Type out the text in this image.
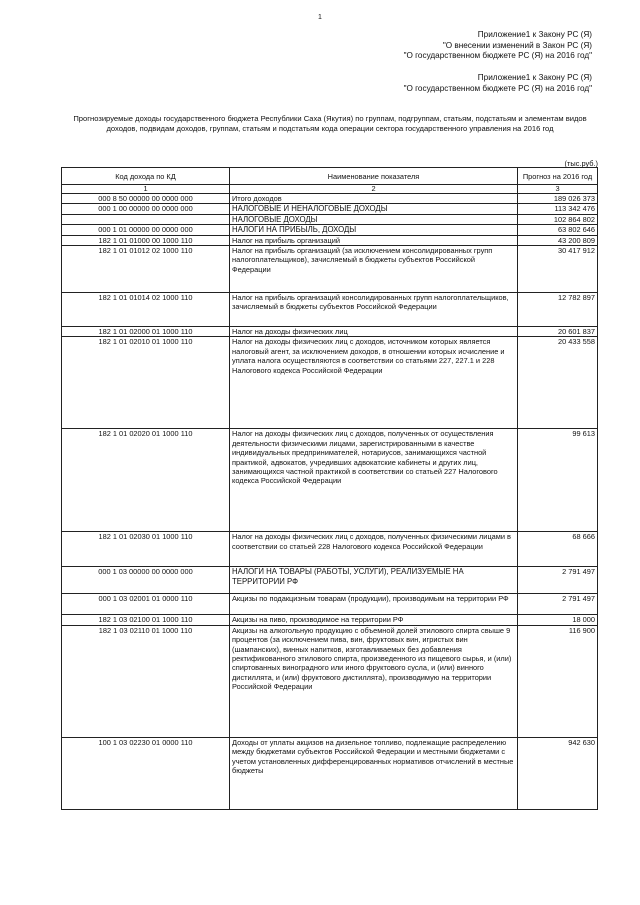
1
Приложение1 к Закону РС (Я)
"О внесении изменений в Закон РС (Я)
"О государственном бюджете РС (Я) на 2016 год"
Приложение1 к Закону РС (Я)
"О государственном бюджете РС (Я) на 2016 год"
Прогнозируемые доходы государственного бюджета Республики Саха (Якутия) по группам, подгруппам, статьям, подстатьям и элементам видов доходов, подвидам доходов, группам, статьям и подстатьям кода операции сектора государственного управления на 2016 год
(тыс.руб.)
Код дохода по КД	Наименование показателя	Прогноз на 2016 год
1	2	3
000 8 50 00000 00 0000 000	Итого доходов	189 026 373
000 1 00 00000 00 0000 000	НАЛОГОВЫЕ И НЕНАЛОГОВЫЕ ДОХОДЫ	113 342 476
	НАЛОГОВЫЕ ДОХОДЫ	102 864 802
000 1 01 00000 00 0000 000	НАЛОГИ НА ПРИБЫЛЬ, ДОХОДЫ	63 802 646
182 1 01 01000 00 1000 110	Налог на прибыль организаций	43 200 809
182 1 01 01012 02 1000 110	Налог на прибыль организаций (за исключением консолидированных групп налогоплательщиков), зачисляемый в бюджеты субъектов Российской Федерации	30 417 912
182 1 01 01014 02 1000 110	Налог на прибыль организаций консолидированных групп налогоплательщиков, зачисляемый в бюджеты субъектов Российской Федерации	12 782 897
182 1 01 02000 01 1000 110	Налог на доходы физических лиц	20 601 837
182 1 01 02010 01 1000 110	Налог на доходы физических лиц с доходов, источником которых является налоговый агент, за исключением доходов, в отношении которых исчисление и уплата налога осуществляются в соответствии со статьями 227, 227.1 и 228 Налогового кодекса Российской Федерации	20 433 558
182 1 01 02020 01 1000 110	Налог на доходы физических лиц с доходов, полученных от осуществления деятельности физическими лицами, зарегистрированными в качестве индивидуальных предпринимателей, нотариусов, занимающихся частной практикой, адвокатов, учредивших адвокатские кабинеты и других лиц, занимающихся частной практикой в соответствии со статьей 227 Налогового кодекса Российской Федерации	99 613
182 1 01 02030 01 1000 110	Налог на доходы физических лиц с доходов, полученных физическими лицами в соответствии со статьей 228 Налогового кодекса Российской Федерации	68 666
000 1 03 00000 00 0000 000	НАЛОГИ НА ТОВАРЫ (РАБОТЫ, УСЛУГИ), РЕАЛИЗУЕМЫЕ НА ТЕРРИТОРИИ РФ	2 791 497
000 1 03 02001 01 0000 110	Акцизы по подакцизным товарам (продукции), производимым на территории РФ	2 791 497
182 1 03 02100 01 1000 110	Акцизы на пиво, производимое на территории РФ	18 000
182 1 03 02110 01 1000 110	Акцизы на алкогольную продукцию с объемной долей этилового спирта свыше 9 процентов (за исключением пива, вин, фруктовых вин, игристых вин (шампанских), винных напитков, изготавливаемых без добавления ректификованного этилового спирта, произведенного из пищевого сырья, и (или) спиртованных виноградного или иного фруктового сусла, и (или) винного дистиллята, и (или) фруктового дистиллята), производимую на территории Российской Федерации	116 900
100 1 03 02230 01 0000 110	Доходы от уплаты акцизов на дизельное топливо, подлежащие распределению между бюджетами субъектов Российской Федерации и местными бюджетами с учетом установленных дифференцированных нормативов отчислений в местные бюджеты	942 630
